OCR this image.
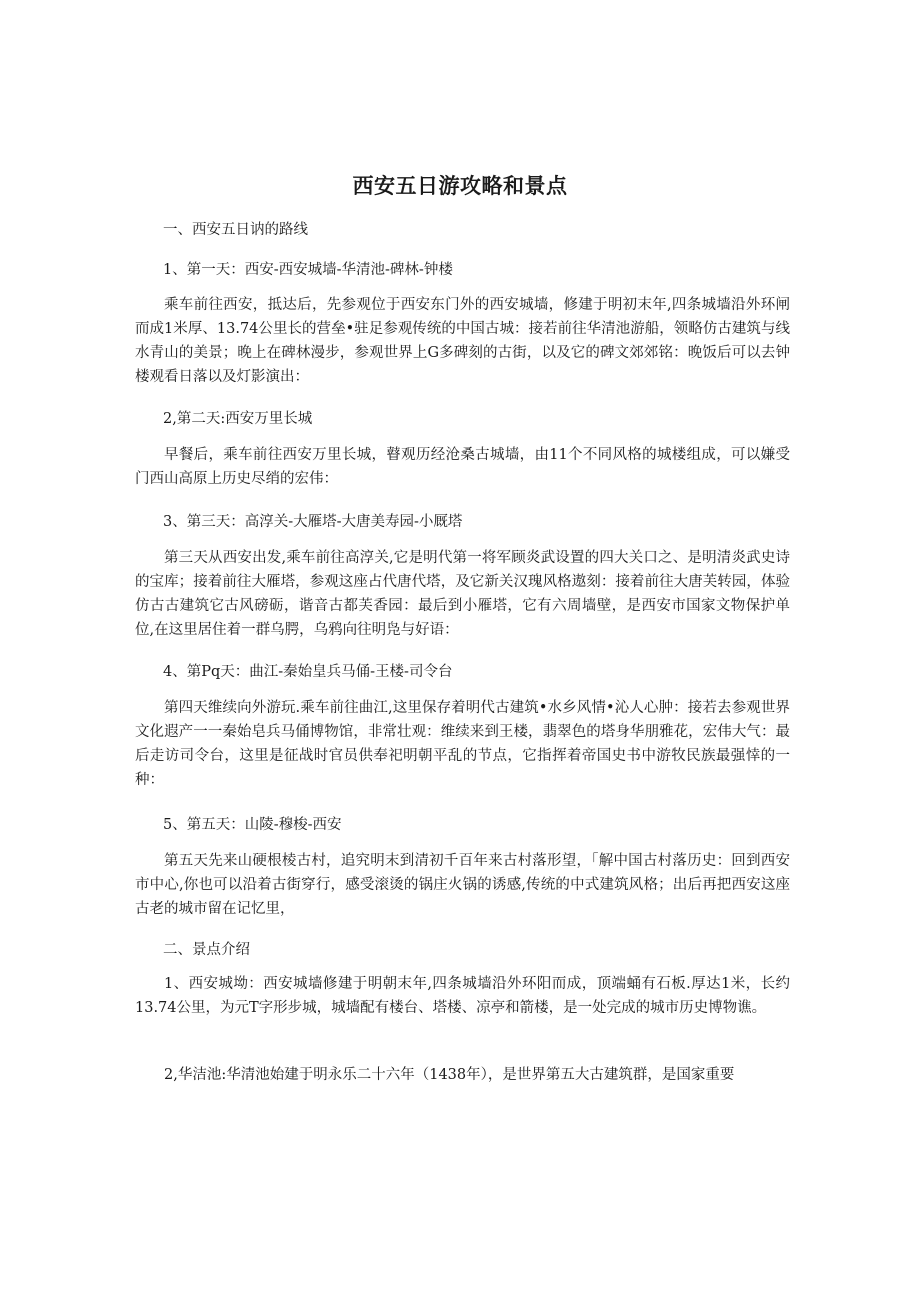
西安五日游攻略和景点

一、西安五日讷的路线

1、第一天：西安-西安城墙-华清池-碑林-钟楼

乘车前往西安，抵达后，先参观位于西安东门外的西安城墙，修建于明初末年,四条城墙沿外环闸而成1米厚、13.74公里长的营垒•驻足参观传统的中国古城：接若前往华清池游船，领略仿古建筑与线水青山的美景；晚上在碑林漫步，参观世界上G多碑刻的古街，以及它的碑文郊郊铭：晚饭后可以去钟楼观看日落以及灯影演出：

2,第二天:西安万里长城

早餐后，乘车前往西安万里长城，瞽观历经沧桑古城墙，由11个不同风格的城楼组成，可以嫌受门西山高原上历史尽绡的宏伟：

3、第三天：高淳关-大雁塔-大唐美寿园-小厩塔

第三天从西安出发,乘车前往高淳关,它是明代第一将军顾炎武设置的四大关口之、是明清炎武史诗的宝库；接着前往大雁塔，参观这座占代唐代塔，及它新关汉瑰风格遨刻：接着前往大唐芙转园，体验仿古古建筑它古风磅砺，谐音古都芙香园：最后到小雁塔，它有六周墙壁，是西安市国家文物保护单位,在这里居住着一群乌腭，乌鸦向往明凫与好语：

4、第Pq天：曲江-秦始皇兵马俑-王楼-司令台

第四天维续向外游玩.乘车前往曲江,这里保存着明代古建筑•水乡风情•沁人心肿：接若去参观世界文化遐产一一秦始皂兵马俑博物馆，非常壮观：维续来到王楼，翡翠色的塔身华朋雅花，宏伟大气：最后走访司令台，这里是征战时官员供奉祀明朝平乱的节点，它指挥着帝国史书中游牧民族最强悻的一种：

5、第五天：山陵-穆梭-西安

第五天先来山硬根棱古村，追究明末到清初千百年来古村落形望，「解中国古村落历史：回到西安市中心,你也可以沿着古街穿行，感受滚烫的锅庄火锅的诱感,传统的中式建筑风格；出后再把西安这座古老的城市留在记忆里，

二、景点介绍

1、西安城坳：西安城墙修建于明朝末年,四条城墙沿外环阳而成，顶端蛹有石板.厚达1米，长约13.74公里，为元T字形步城，城墙配有楼台、塔楼、凉亭和箭楼，是一处完成的城市历史博物谯。

2,华洁池:华清池始建于明永乐二十六年（1438年），是世界第五大古建筑群，是国家重要
